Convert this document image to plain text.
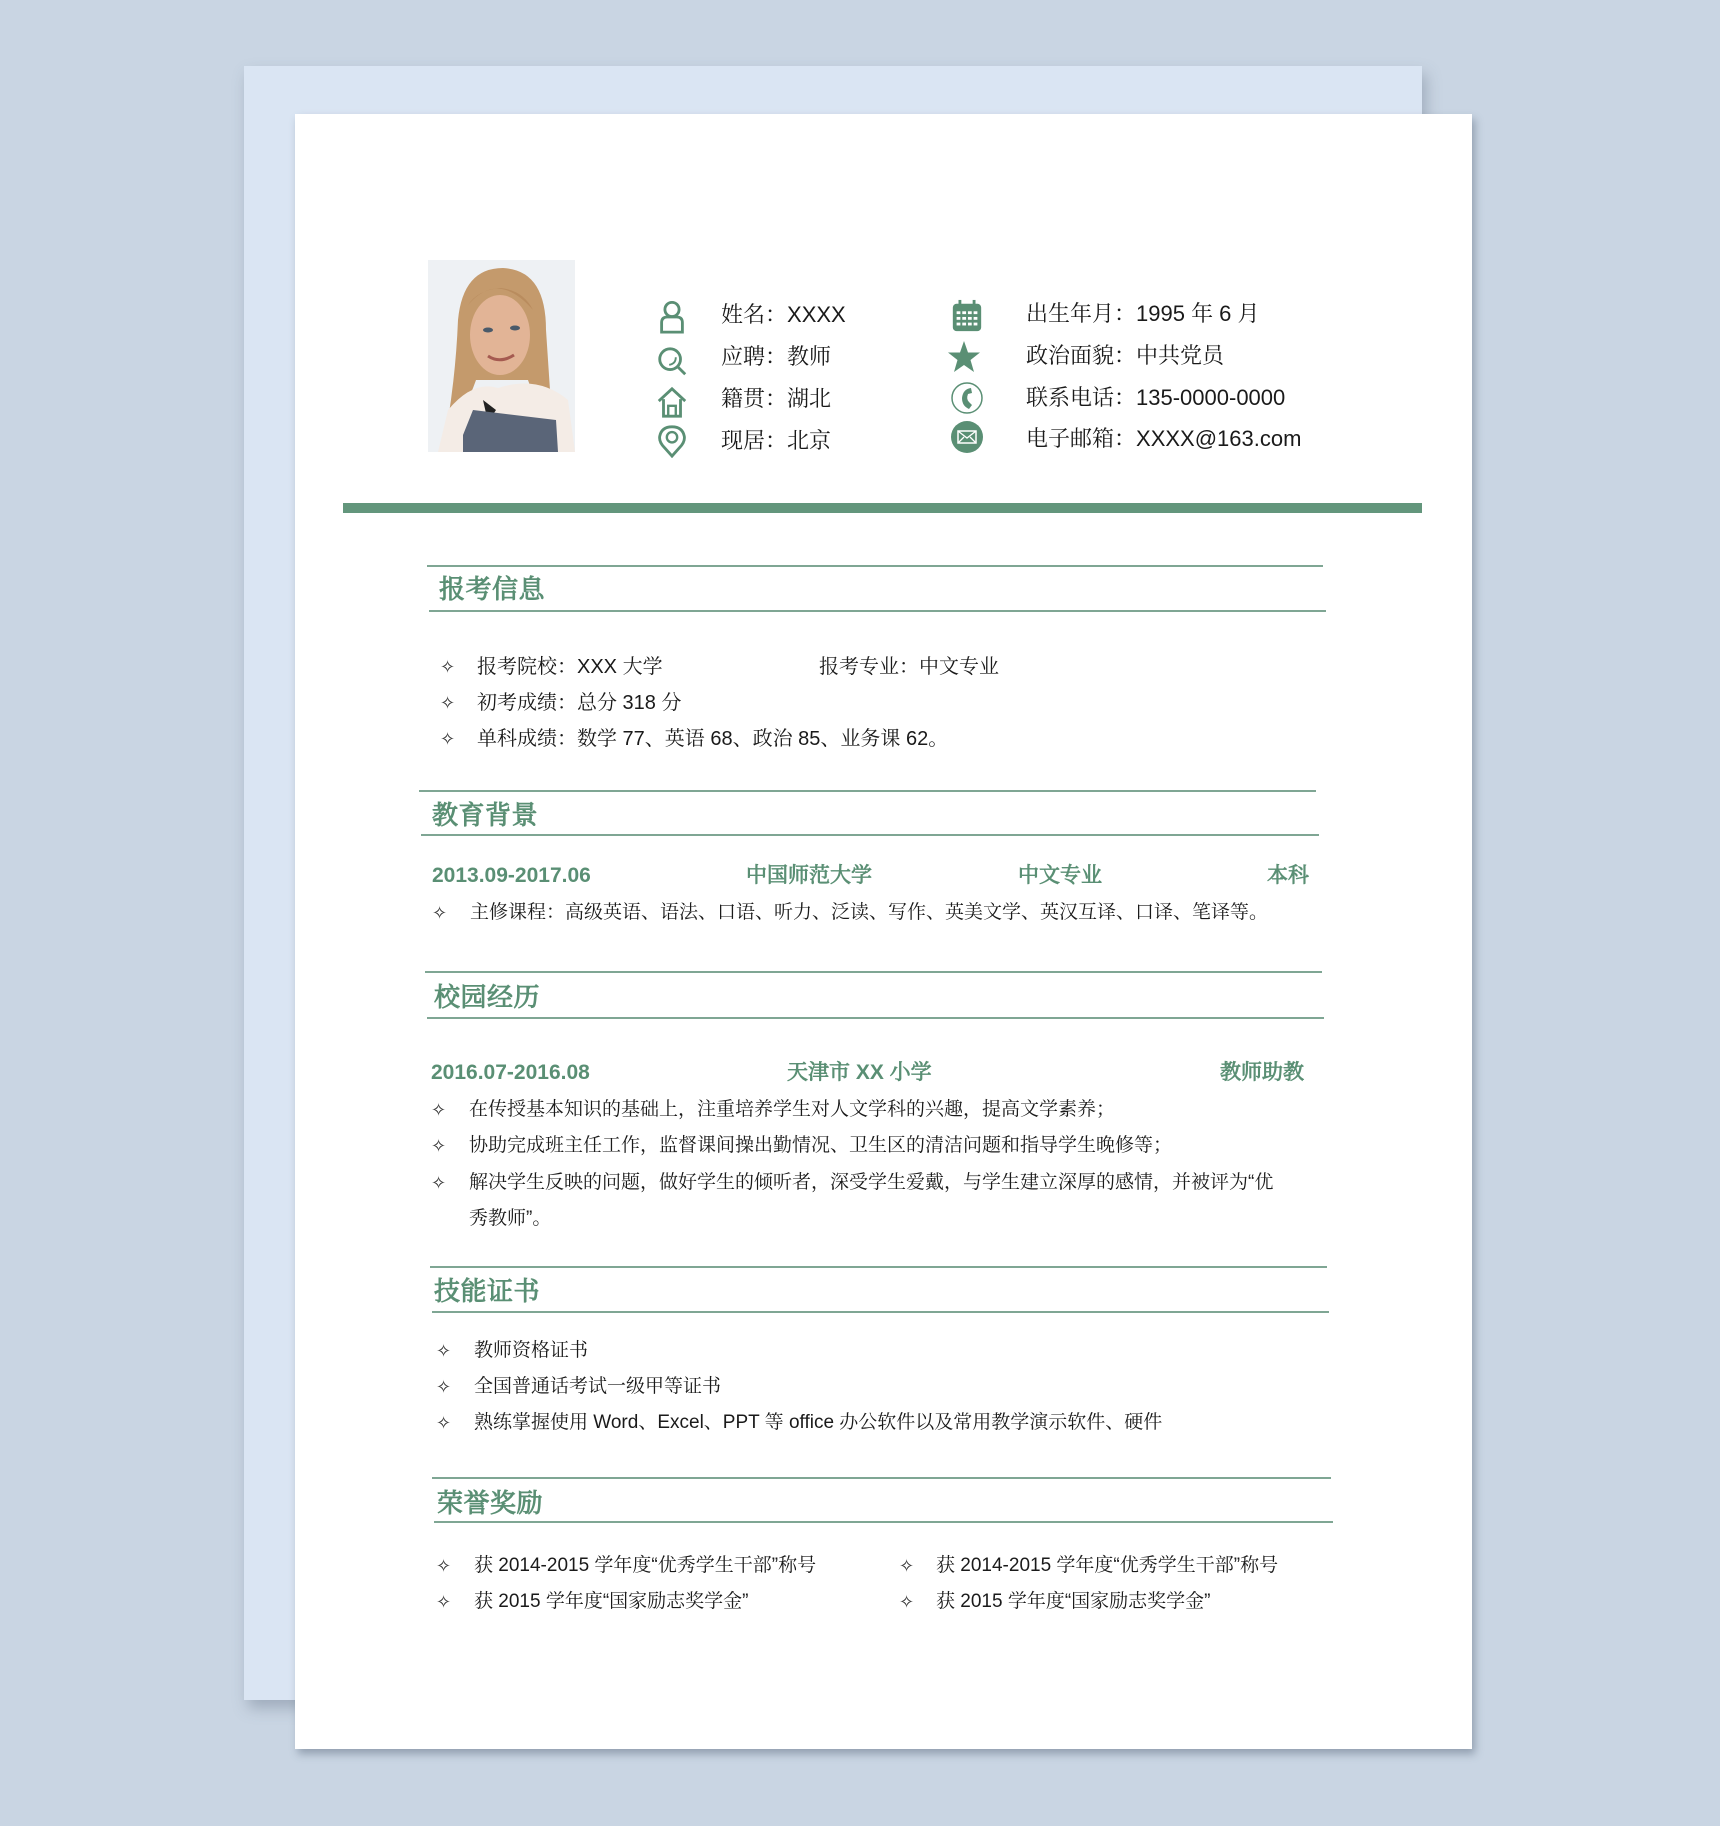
姓名：XXXX
应聘：教师
籍贯：湖北
现居：北京
出生年月：1995 年 6 月
政治面貌：中共党员
联系电话：135-0000-0000
电子邮箱：XXXX@163.com
报考信息
✧ 报考院校：XXX 大学	报考专业：中文专业
✧ 初考成绩：总分 318 分
✧ 单科成绩：数学 77、英语 68、政治 85、业务课 62。
教育背景
2013.09-2017.06	中国师范大学	中文专业	本科
✧ 主修课程：高级英语、语法、口语、听力、泛读、写作、英美文学、英汉互译、口译、笔译等。
校园经历
2016.07-2016.08	天津市 XX 小学	教师助教
✧ 在传授基本知识的基础上，注重培养学生对人文学科的兴趣，提高文学素养；
✧ 协助完成班主任工作，监督课间操出勤情况、卫生区的清洁问题和指导学生晚修等；
✧ 解决学生反映的问题，做好学生的倾听者，深受学生爱戴，与学生建立深厚的感情，并被评为“优
秀教师”。
技能证书
✧ 教师资格证书
✧ 全国普通话考试一级甲等证书
✧ 熟练掌握使用 Word、Excel、PPT 等 office 办公软件以及常用教学演示软件、硬件
荣誉奖励
✧ 获 2014-2015 学年度“优秀学生干部”称号	✧ 获 2014-2015 学年度“优秀学生干部”称号
✧ 获 2015 学年度“国家励志奖学金”	✧ 获 2015 学年度“国家励志奖学金”
